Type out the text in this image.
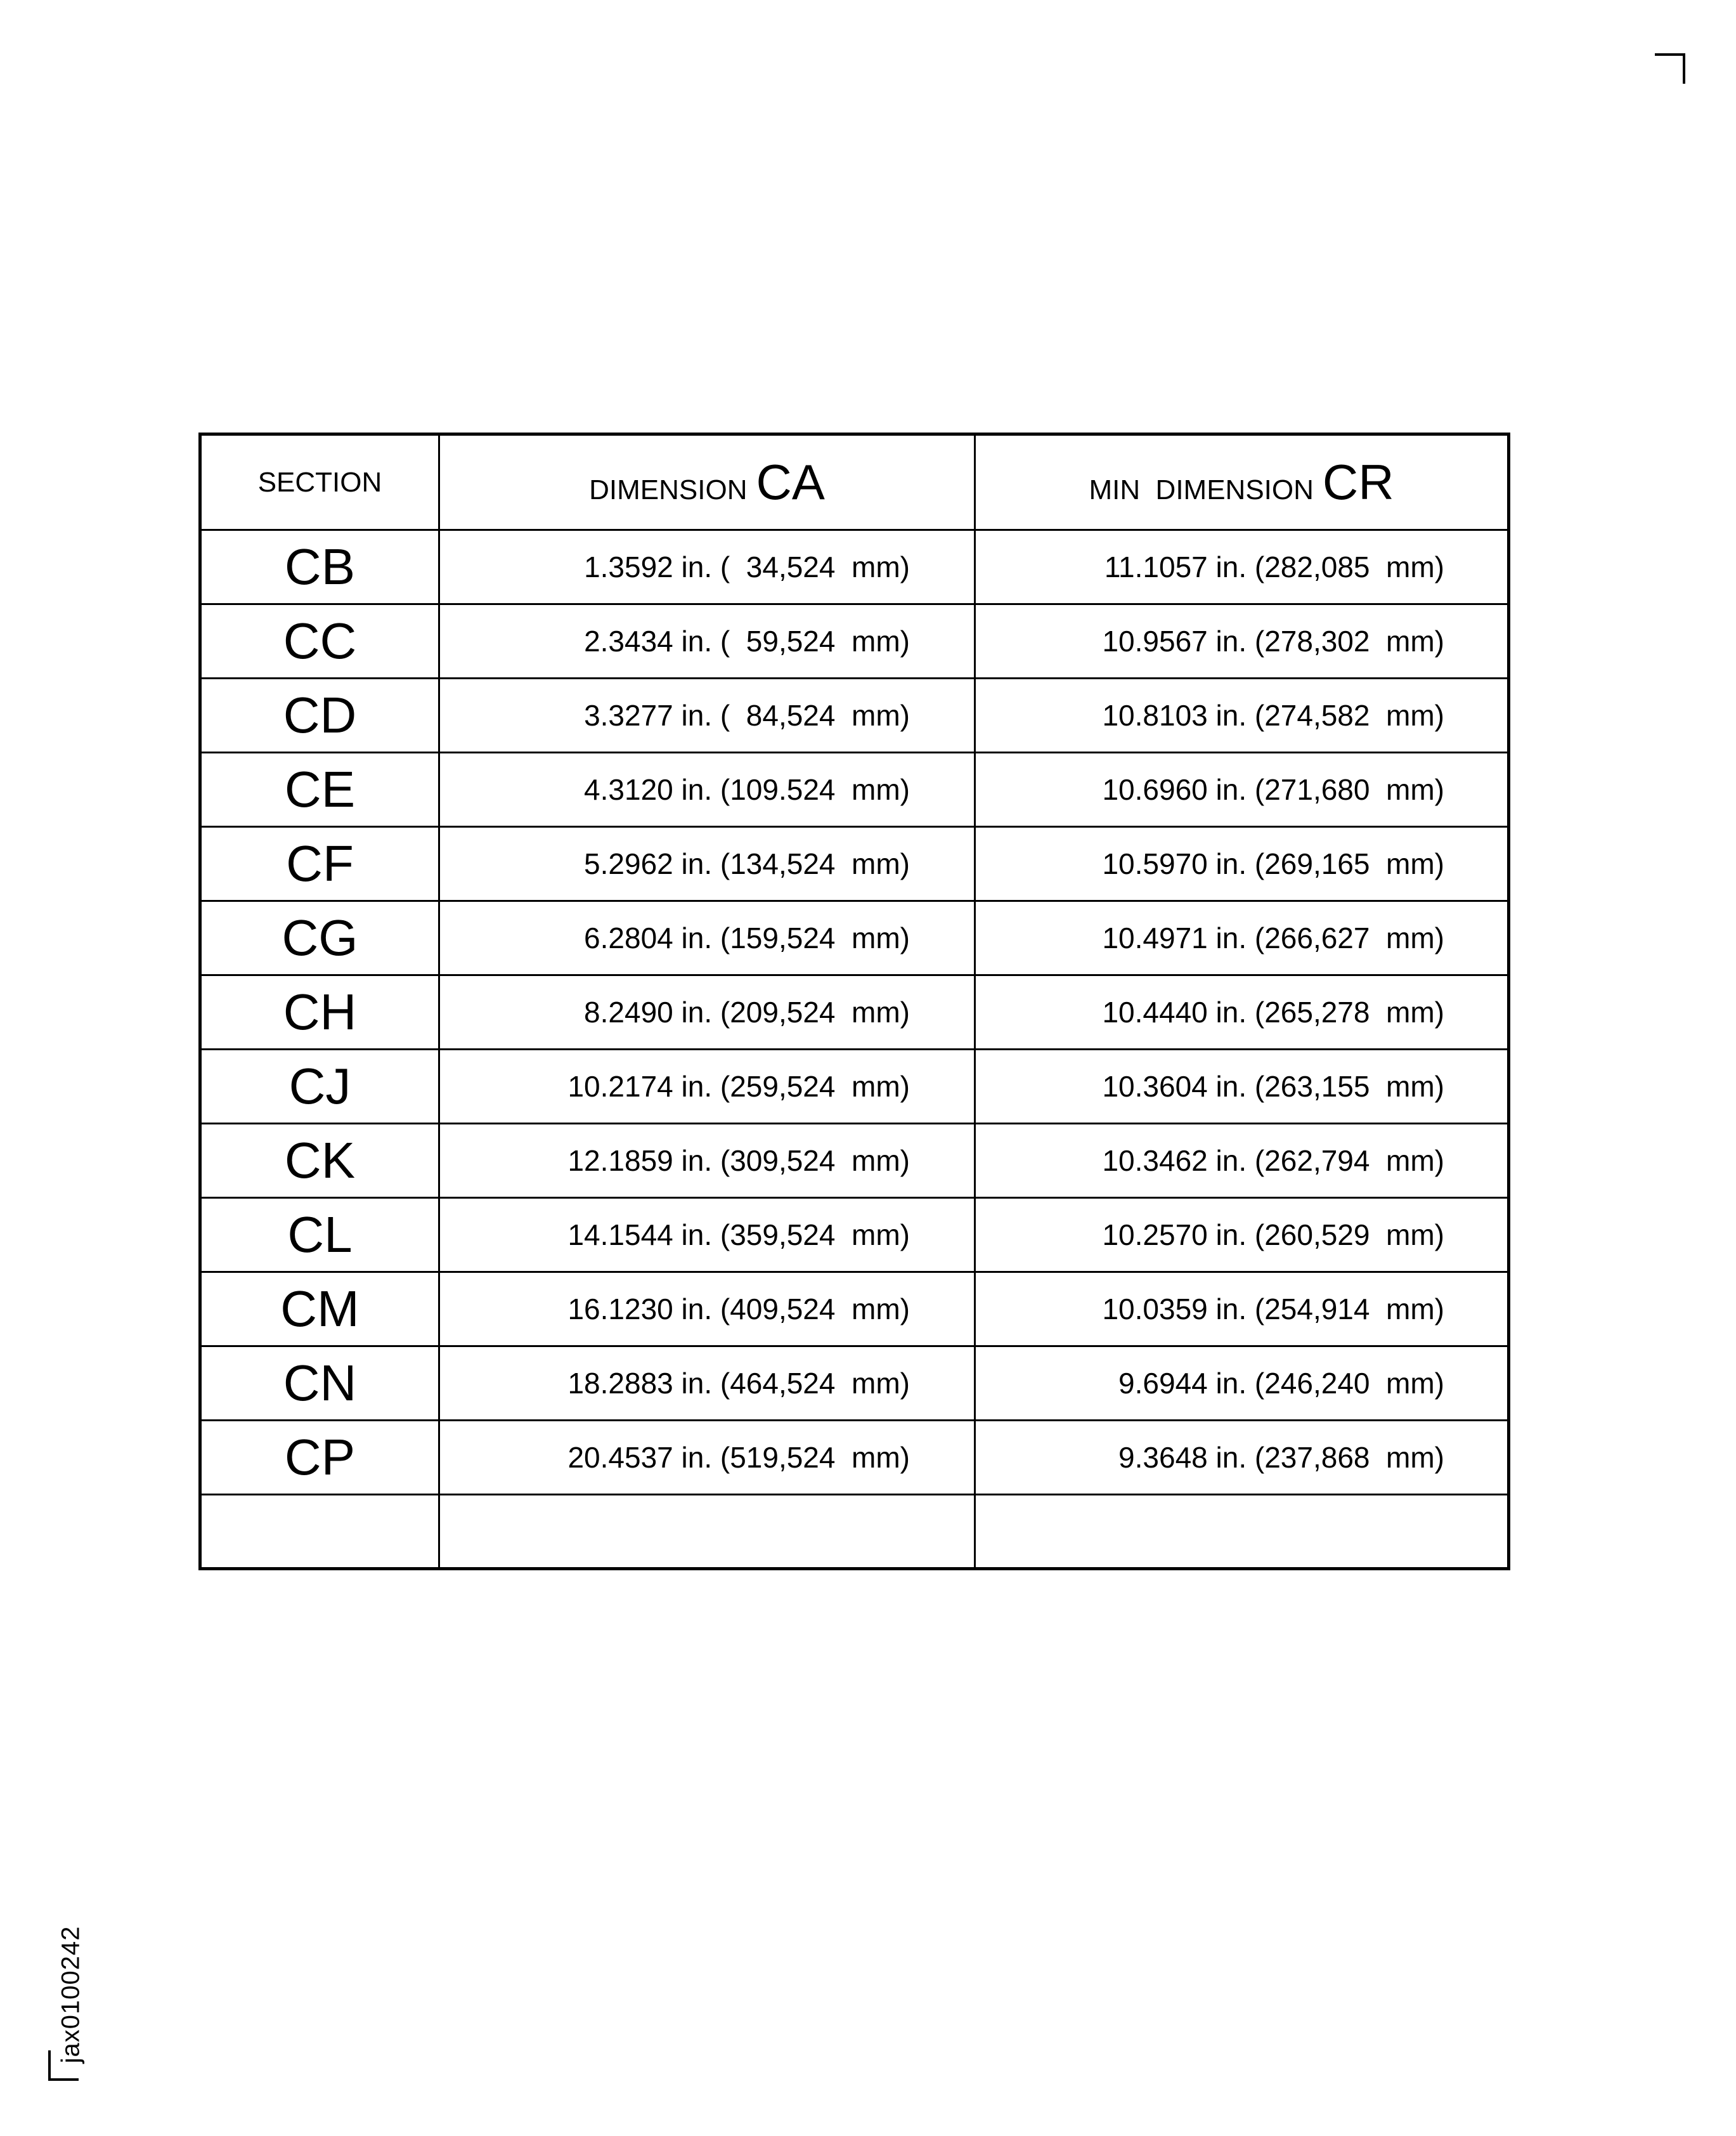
jax0100242
SECTION	DIMENSION CA	MIN  DIMENSION CR
CB	1.3592 in. (  34,524  mm)	11.1057 in. (282,085  mm)
CC	2.3434 in. (  59,524  mm)	10.9567 in. (278,302  mm)
CD	3.3277 in. (  84,524  mm)	10.8103 in. (274,582  mm)
CE	4.3120 in. (109.524  mm)	10.6960 in. (271,680  mm)
CF	5.2962 in. (134,524  mm)	10.5970 in. (269,165  mm)
CG	6.2804 in. (159,524  mm)	10.4971 in. (266,627  mm)
CH	8.2490 in. (209,524  mm)	10.4440 in. (265,278  mm)
CJ	10.2174 in. (259,524  mm)	10.3604 in. (263,155  mm)
CK	12.1859 in. (309,524  mm)	10.3462 in. (262,794  mm)
CL	14.1544 in. (359,524  mm)	10.2570 in. (260,529  mm)
CM	16.1230 in. (409,524  mm)	10.0359 in. (254,914  mm)
CN	18.2883 in. (464,524  mm)	9.6944 in. (246,240  mm)
CP	20.4537 in. (519,524  mm)	9.3648 in. (237,868  mm)
